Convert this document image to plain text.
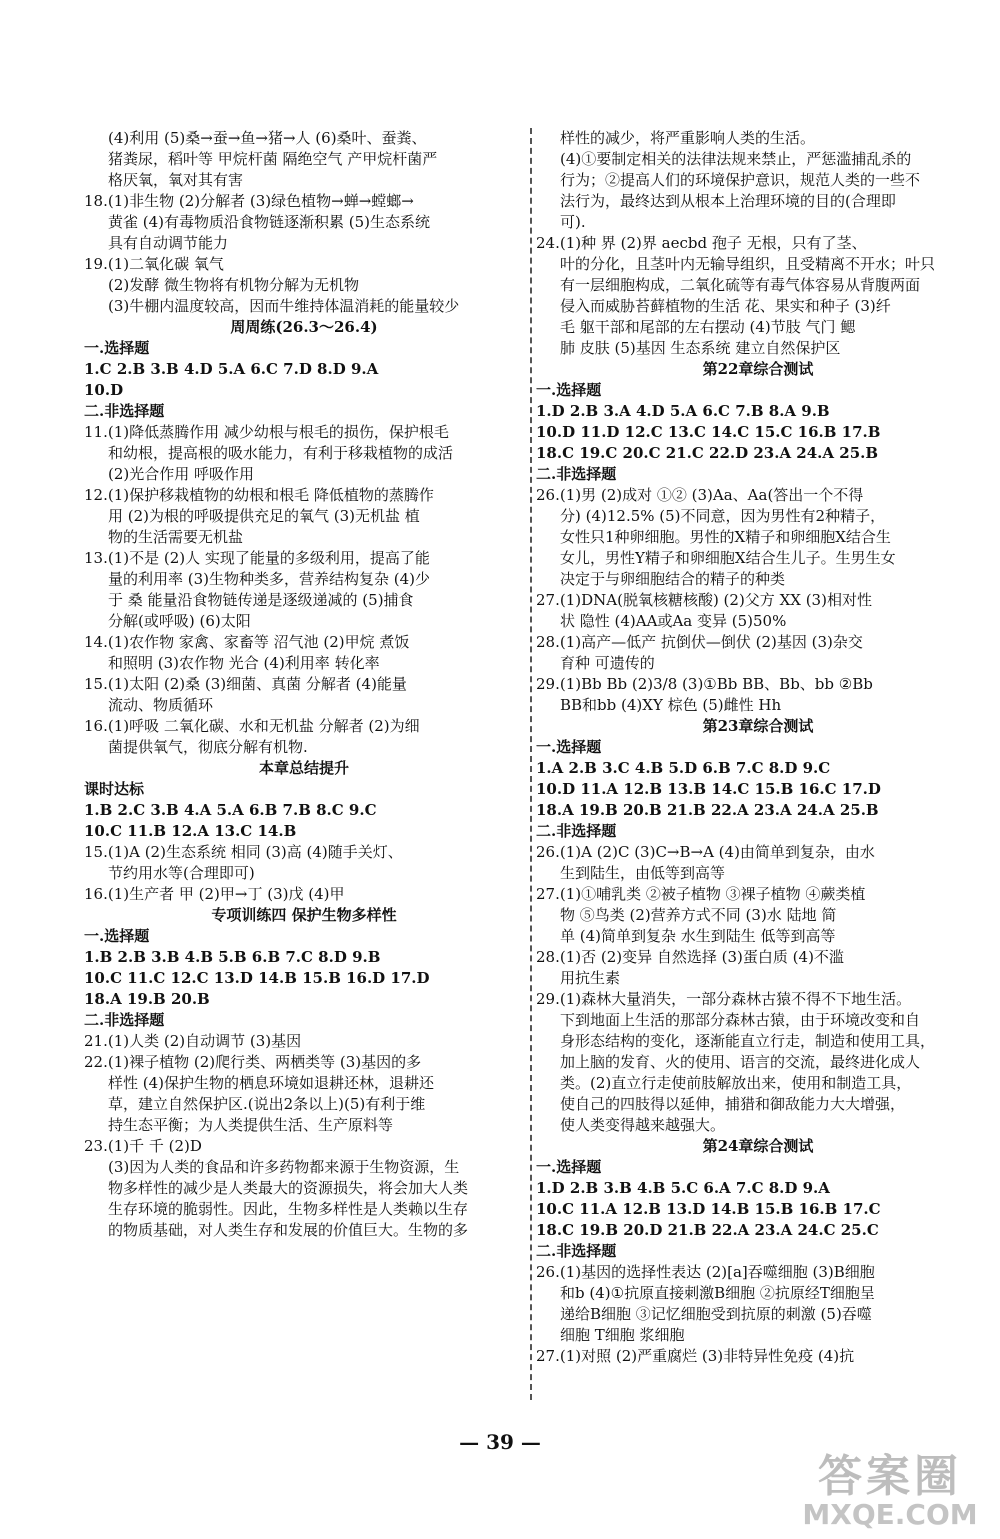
(4)利用 (5)桑→蚕→鱼→猪→人 (6)桑叶、蚕粪、
猪粪尿，稻叶等 甲烷杆菌 隔绝空气 产甲烷杆菌严
格厌氧，氧对其有害
18.(1)非生物 (2)分解者 (3)绿色植物→蝉→螳螂→
黄雀 (4)有毒物质沿食物链逐渐积累 (5)生态系统
具有自动调节能力
19.(1)二氧化碳 氧气
(2)发酵 微生物将有机物分解为无机物
(3)牛棚内温度较高，因而牛维持体温消耗的能量较少
周周练(26.3～26.4)
一.选择题
1.C 2.B 3.B 4.D 5.A 6.C 7.D 8.D 9.A
10.D
二.非选择题
11.(1)降低蒸腾作用 减少幼根与根毛的损伤，保护根毛
和幼根，提高根的吸水能力，有利于移栽植物的成活
(2)光合作用 呼吸作用
12.(1)保护移栽植物的幼根和根毛 降低植物的蒸腾作
用 (2)为根的呼吸提供充足的氧气 (3)无机盐 植
物的生活需要无机盐
13.(1)不是 (2)人 实现了能量的多级利用，提高了能
量的利用率 (3)生物种类多，营养结构复杂 (4)少
于 桑 能量沿食物链传递是逐级递减的 (5)捕食
分解(或呼吸) (6)太阳
14.(1)农作物 家禽、家畜等 沼气池 (2)甲烷 煮饭
和照明 (3)农作物 光合 (4)利用率 转化率
15.(1)太阳 (2)桑 (3)细菌、真菌 分解者 (4)能量
流动、物质循环
16.(1)呼吸 二氧化碳、水和无机盐 分解者 (2)为细
菌提供氧气，彻底分解有机物.
本章总结提升
课时达标
1.B 2.C 3.B 4.A 5.A 6.B 7.B 8.C 9.C
10.C 11.B 12.A 13.C 14.B
15.(1)A (2)生态系统 相同 (3)高 (4)随手关灯、
节约用水等(合理即可)
16.(1)生产者 甲 (2)甲→丁 (3)戊 (4)甲
专项训练四 保护生物多样性
一.选择题
1.B 2.B 3.B 4.B 5.B 6.B 7.C 8.D 9.B
10.C 11.C 12.C 13.D 14.B 15.B 16.D 17.D
18.A 19.B 20.B
二.非选择题
21.(1)人类 (2)自动调节 (3)基因
22.(1)裸子植物 (2)爬行类、两栖类等 (3)基因的多
样性 (4)保护生物的栖息环境如退耕还林，退耕还
草，建立自然保护区.(说出2条以上)(5)有利于维
持生态平衡；为人类提供生活、生产原料等
23.(1)千 千 (2)D
(3)因为人类的食品和许多药物都来源于生物资源，生
物多样性的减少是人类最大的资源损失，将会加大人类
生存环境的脆弱性。因此，生物多样性是人类赖以生存
的物质基础，对人类生存和发展的价值巨大。生物的多
样性的减少，将严重影响人类的生活。
(4)①要制定相关的法律法规来禁止，严惩滥捕乱杀的
行为；②提高人们的环境保护意识，规范人类的一些不
法行为，最终达到从根本上治理环境的目的(合理即
可).
24.(1)种 界 (2)界 aecbd 孢子 无根，只有了茎、
叶的分化，且茎叶内无输导组织，且受精离不开水；叶只
有一层细胞构成，二氧化硫等有毒气体容易从背腹两面
侵入而威胁苔藓植物的生活 花、果实和种子 (3)纤
毛 躯干部和尾部的左右摆动 (4)节肢 气门 鳃
肺 皮肤 (5)基因 生态系统 建立自然保护区
第22章综合测试
一.选择题
1.D 2.B 3.A 4.D 5.A 6.C 7.B 8.A 9.B
10.D 11.D 12.C 13.C 14.C 15.C 16.B 17.B
18.C 19.C 20.C 21.C 22.D 23.A 24.A 25.B
二.非选择题
26.(1)男 (2)成对 ①② (3)Aa、Aa(答出一个不得
分) (4)12.5% (5)不同意，因为男性有2种精子，
女性只1种卵细胞。男性的X精子和卵细胞X结合生
女儿，男性Y精子和卵细胞X结合生儿子。生男生女
决定于与卵细胞结合的精子的种类
27.(1)DNA(脱氧核糖核酸) (2)父方 XX (3)相对性
状 隐性 (4)AA或Aa 变异 (5)50%
28.(1)高产—低产 抗倒伏—倒伏 (2)基因 (3)杂交
育种 可遗传的
29.(1)Bb Bb (2)3/8 (3)①Bb BB、Bb、bb ②Bb
BB和bb (4)XY 棕色 (5)雌性 Hh
第23章综合测试
一.选择题
1.A 2.B 3.C 4.B 5.D 6.B 7.C 8.D 9.C
10.D 11.A 12.B 13.B 14.C 15.B 16.C 17.D
18.A 19.B 20.B 21.B 22.A 23.A 24.A 25.B
二.非选择题
26.(1)A (2)C (3)C→B→A (4)由简单到复杂，由水
生到陆生，由低等到高等
27.(1)①哺乳类 ②被子植物 ③裸子植物 ④蕨类植
物 ⑤鸟类 (2)营养方式不同 (3)水 陆地 简
单 (4)简单到复杂 水生到陆生 低等到高等
28.(1)否 (2)变异 自然选择 (3)蛋白质 (4)不滥
用抗生素
29.(1)森林大量消失，一部分森林古猿不得不下地生活。
下到地面上生活的那部分森林古猿，由于环境改变和自
身形态结构的变化，逐渐能直立行走，制造和使用工具，
加上脑的发育、火的使用、语言的交流，最终进化成人
类。(2)直立行走使前肢解放出来，使用和制造工具，
使自己的四肢得以延伸，捕猎和御敌能力大大增强，
使人类变得越来越强大。
第24章综合测试
一.选择题
1.D 2.B 3.B 4.B 5.C 6.A 7.C 8.D 9.A
10.C 11.A 12.B 13.D 14.B 15.B 16.B 17.C
18.C 19.B 20.D 21.B 22.A 23.A 24.C 25.C
二.非选择题
26.(1)基因的选择性表达 (2)[a]吞噬细胞 (3)B细胞
和b (4)①抗原直接刺激B细胞 ②抗原经T细胞呈
递给B细胞 ③记忆细胞受到抗原的刺激 (5)吞噬
细胞 T细胞 浆细胞
27.(1)对照 (2)严重腐烂 (3)非特异性免疫 (4)抗
— 39 —
答案圈
MXQE.COM
